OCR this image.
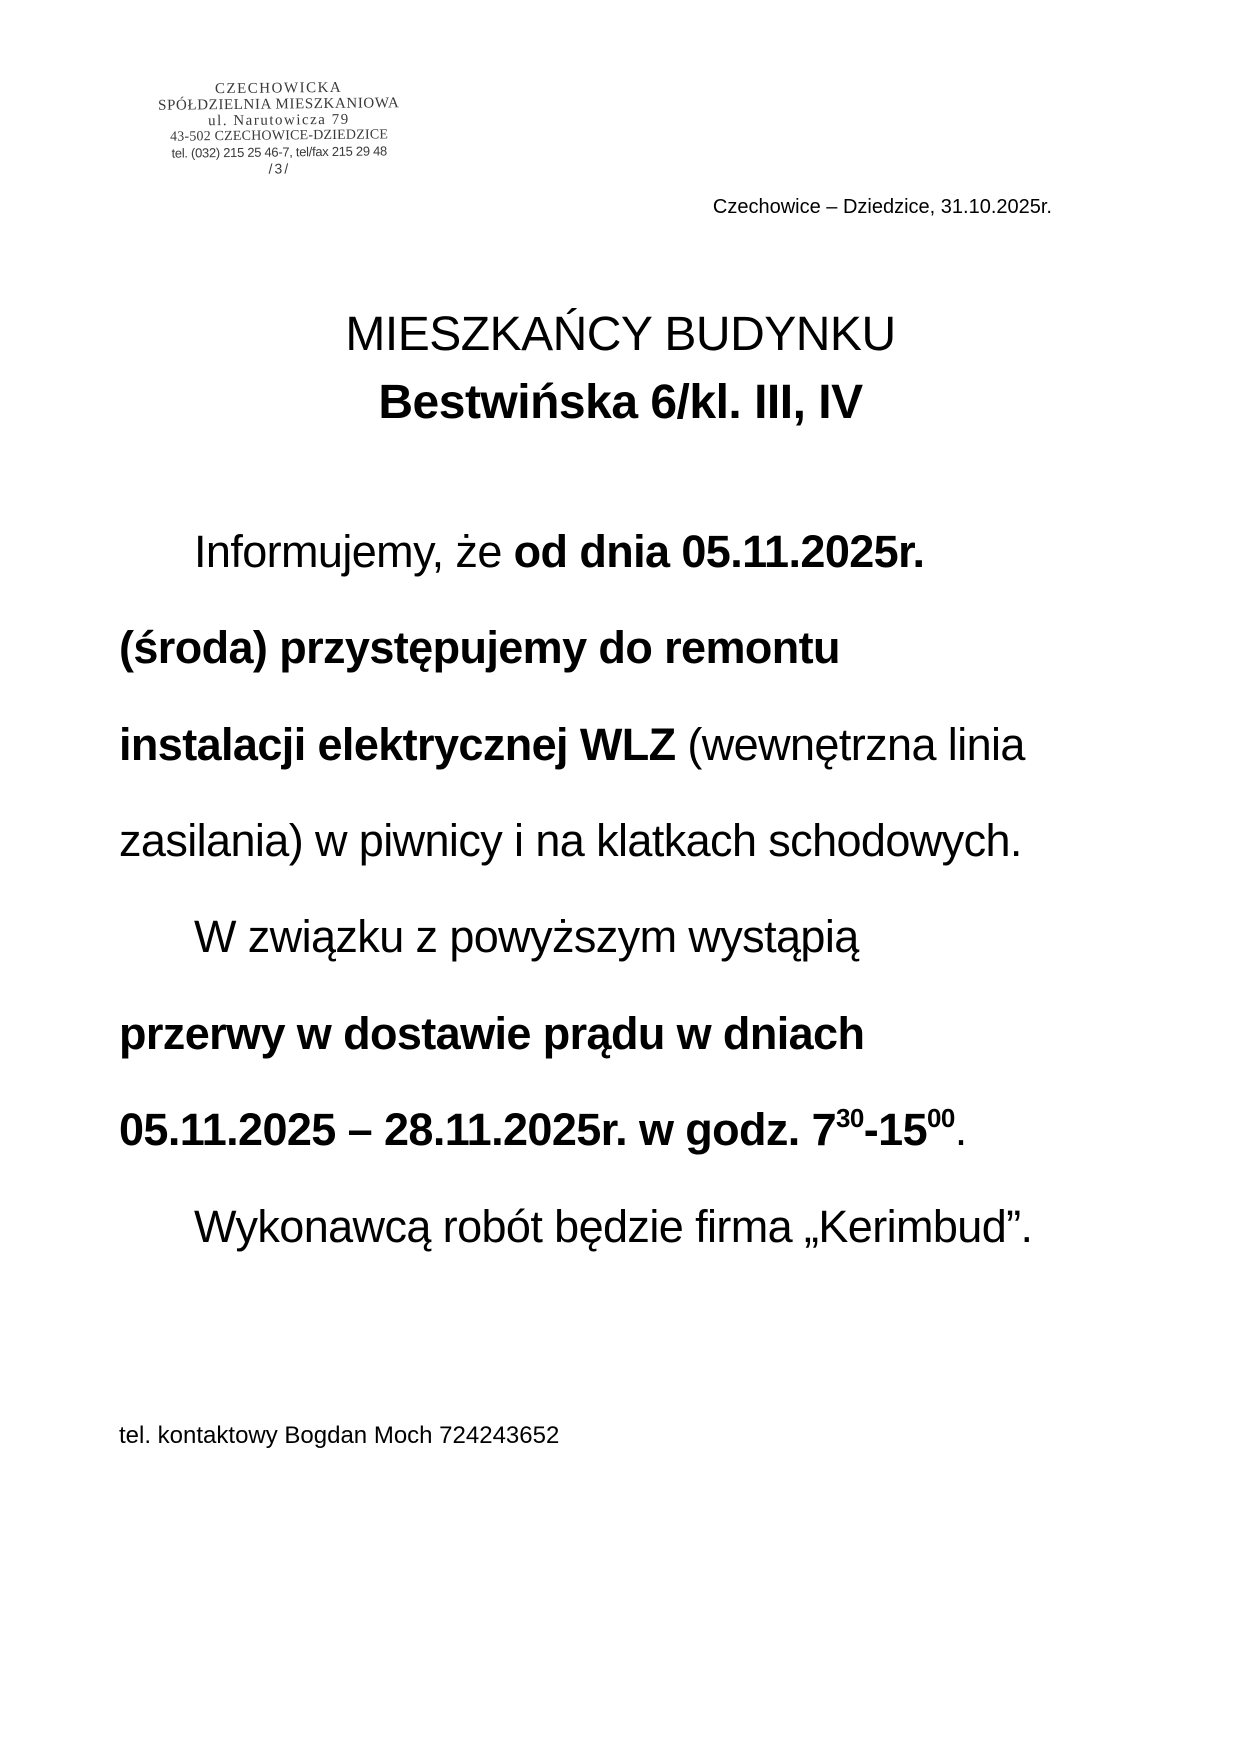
CZECHOWICKA
SPÓŁDZIELNIA MIESZKANIOWA
ul. Narutowicza 79
43-502 CZECHOWICE-DZIEDZICE
tel. (032) 215 25 46-7, tel/fax 215 29 48
/3/
Czechowice – Dziedzice, 31.10.2025r.
MIESZKAŃCY BUDYNKU
Bestwińska 6/kl. III, IV
Informujemy, że od dnia 05.11.2025r.
(środa) przystępujemy do remontu
instalacji elektrycznej WLZ (wewnętrzna linia
zasilania) w piwnicy i na klatkach schodowych.
W związku z powyższym wystąpią
przerwy w dostawie prądu w dniach
05.11.2025 – 28.11.2025r. w godz. $7^{30}-15^{00}$.
Wykonawcą robót będzie firma „Kerimbud”.
tel. kontaktowy Bogdan Moch 724243652
